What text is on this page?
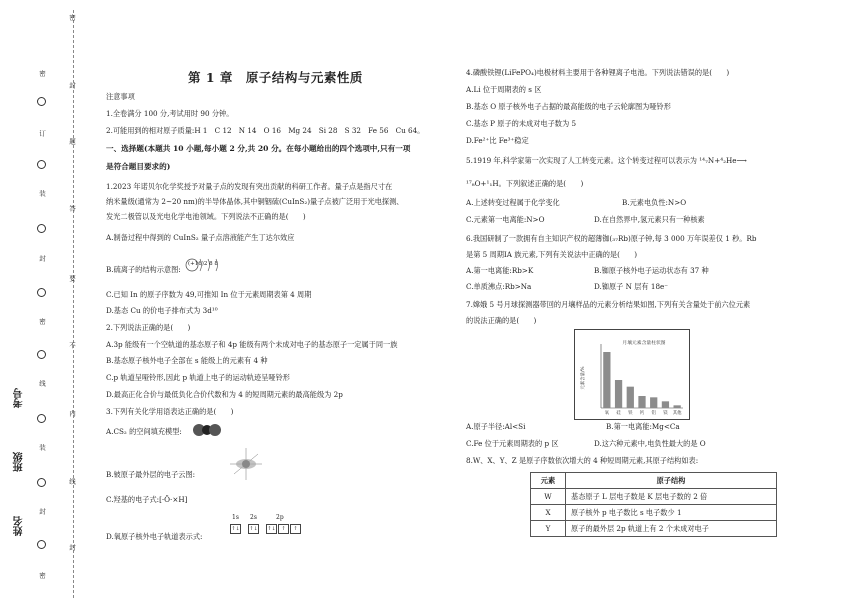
密
订
装
封
密
线
装
封
密
密
封
题
答
要
不
内
线
封
考号
班级
姓名
第 1 章　原子结构与元素性质
注意事项
1.全卷满分 100 分,考试用时 90 分钟。
2.可能用到的相对原子质量:H 1　C 12　N 14　O 16　Mg 24　Si 28　S 32　Fe 56　Cu 64。
一、选择题(本题共 10 小题,每小题 2 分,共 20 分。在每小题给出的四个选项中,只有一项
是符合题目要求的)
1.2023 年诺贝尔化学奖授予对量子点的发现有突出贡献的科研工作者。量子点是指尺寸在
纳米量级(通常为 2~20 nm)的半导体晶体,其中铜铟硫(CuInS₂)量子点被广泛用于光电探测、
发光二极管以及光电化学电池领域。下列说法不正确的是(　　)
A.制备过程中得到的 CuInS₂ 量子点溶液能产生丁达尔效应
B.硫离子的结构示意图:
(+16)2 8 8
C.已知 In 的原子序数为 49,可推知 In 位于元素周期表第 4 周期
D.基态 Cu 的价电子排布式为 3d¹⁰
2.下列说法正确的是(　　)
A.3p 能级有一个空轨道的基态原子和 4p 能级有两个未成对电子的基态原子一定属于同一族
B.基态原子核外电子全部在 s 能级上的元素有 4 种
C.p 轨道呈哑铃形,因此 p 轨道上电子的运动轨迹呈哑铃形
D.最高正化合价与最低负化合价代数和为 4 的短周期元素的最高能级为 2p
3.下列有关化学用语表达正确的是(　　)
A.CS₂ 的空间填充模型:
B.铍原子最外层的电子云图:
C.羟基的电子式:[·Ö·×H]
D.氧原子核外电子轨道表示式:
1s 2s	2p
↑↓ ↑↓ ↑↓ ↑ ↑
4.磷酸铁锂(LiFePO₄)电极材料主要用于各种锂离子电池。下列说法错误的是(　　)
A.Li 位于周期表的 s 区
B.基态 O 原子核外电子占据的最高能级的电子云轮廓图为哑铃形
C.基态 P 原子的未成对电子数为 5
D.Fe²⁺比 Fe³⁺稳定
5.1919 年,科学家第一次实现了人工转变元素。这个转变过程可以表示为 ¹⁴₇N+⁴₂He⟶
¹⁷₈O+¹₁H。下列叙述正确的是(　　)
A.上述转变过程属于化学变化	B.元素电负性:N>O
C.元素第一电离能:N>O	D.在自然界中,氢元素只有一种核素
6.我国研制了一款拥有自主知识产权的超薄铷(₃₇Rb)原子钟,每 3 000 万年误差仅 1 秒。Rb
是第 5 周期ⅠA 族元素,下列有关说法中正确的是(　　)
A.第一电离能:Rb>K	B.铷原子核外电子运动状态有 37 种
C.单质沸点:Rb>Na	D.铷原子 N 层有 18e⁻
7.嫦娥 5 号月球探测器带回的月壤样品的元素分析结果如图,下列有关含量处于前六位元素
的说法正确的是(　　)
月壤元素含量柱状图
元素含量/%
氧 硅 铁 钙 铝 镁 其他
A.原子半径:Al<Si	B.第一电离能:Mg<Ca
C.Fe 位于元素周期表的 p 区	D.这六种元素中,电负性最大的是 O
8.W、X、Y、Z 是原子序数依次增大的 4 种短周期元素,其原子结构如表:
元素	原子结构
W	基态原子 L 层电子数是 K 层电子数的 2 倍
X	原子核外 p 电子数比 s 电子数少 1
Y	原子的最外层 2p 轨道上有 2 个未成对电子
